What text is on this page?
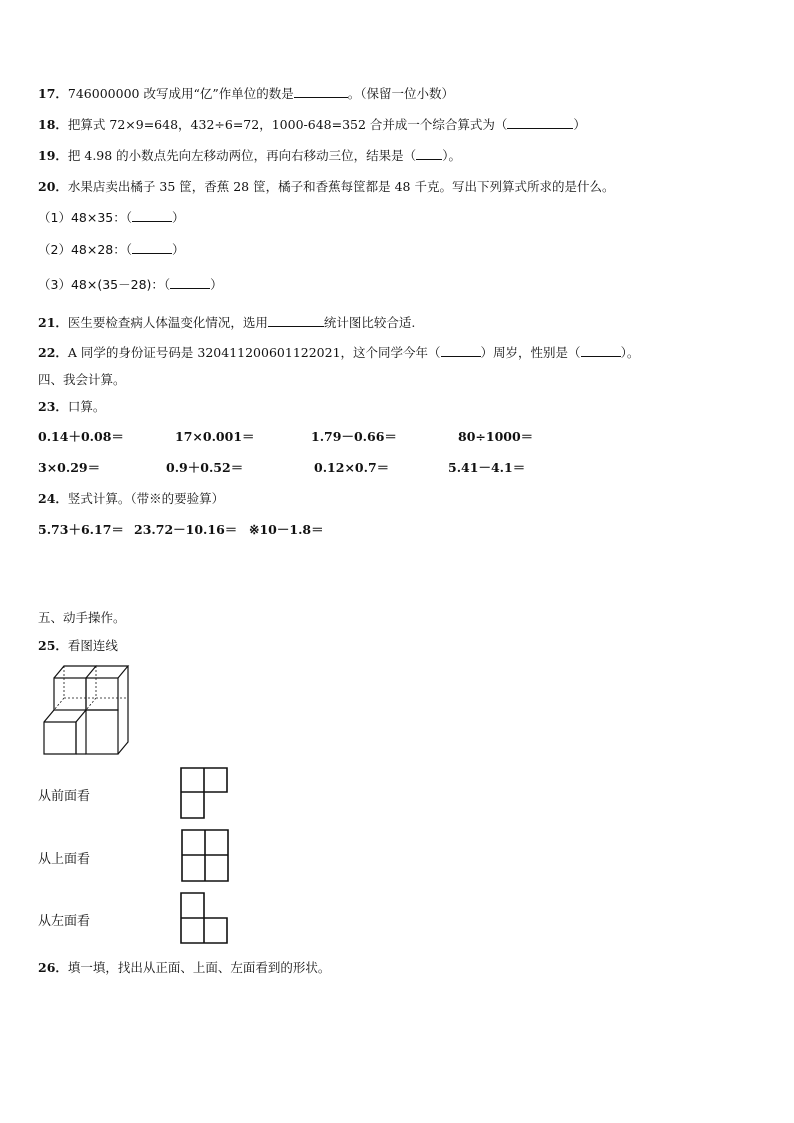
17．746000000 改写成用“亿”作单位的数是	。（保留一位小数）
18．把算式 72×9=648，432÷6=72，1000-648=352 合并成一个综合算式为（	）
19．把 4.98 的小数点先向左移动两位，再向右移动三位，结果是（ ）。
20．水果店卖出橘子 35 筐，香蕉 28 筐，橘子和香蕉每筐都是 48 千克。写出下列算式所求的是什么。
（1）48×35：（	）
（2）48×28：（	）
（3）48×(35－28)：（	）
21．医生要检查病人体温变化情况，选用	统计图比较合适.
22．A 同学的身份证号码是 320411200601122021，这个同学今年（	）周岁，性别是（	）。
四、我会计算。
23．口算。
0.14＋0.08＝	17×0.001＝	1.79－0.66＝	80÷1000＝
3×0.29＝	0.9＋0.52＝	0.12×0.7＝	5.41－4.1＝
24．竖式计算。（带※的要验算）
5.73＋6.17＝ 23.72－10.16＝ ※10－1.8＝
五、动手操作。
25．看图连线
从前面看
从上面看
从左面看
26．填一填，找出从正面、上面、左面看到的形状。
